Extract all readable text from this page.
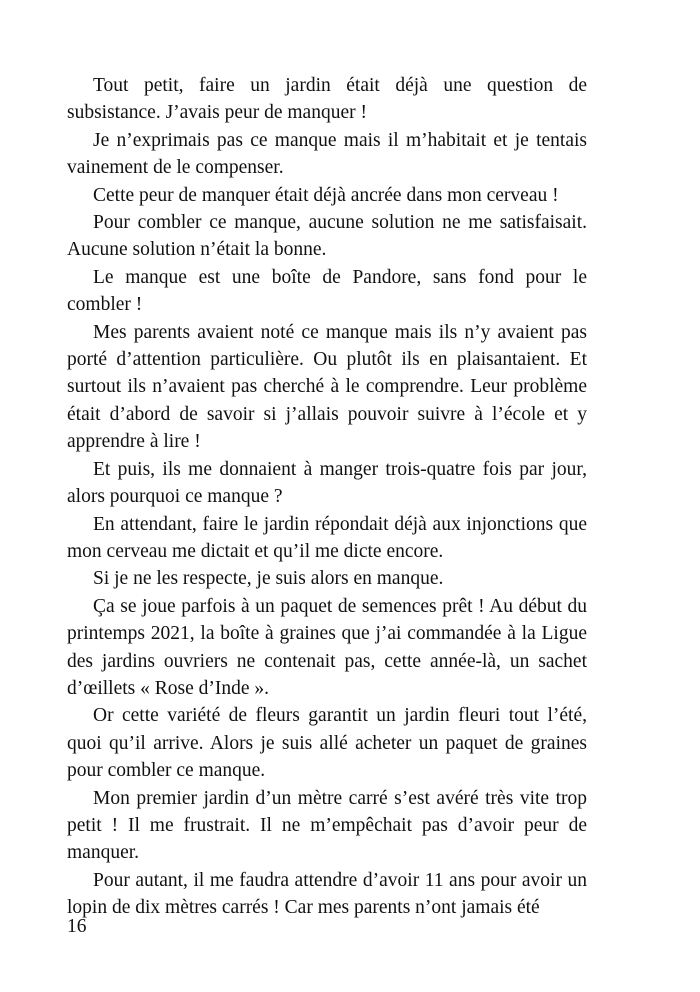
Tout petit, faire un jardin était déjà une question de subsistance. J’avais peur de manquer !

Je n’exprimais pas ce manque mais il m’habitait et je tentais vainement de le compenser.

Cette peur de manquer était déjà ancrée dans mon cerveau !

Pour combler ce manque, aucune solution ne me satisfaisait. Aucune solution n’était la bonne.

Le manque est une boîte de Pandore, sans fond pour le combler !

Mes parents avaient noté ce manque mais ils n’y avaient pas porté d’attention particulière. Ou plutôt ils en plaisantaient. Et surtout ils n’avaient pas cherché à le comprendre. Leur problème était d’abord de savoir si j’allais pouvoir suivre à l’école et y apprendre à lire !

Et puis, ils me donnaient à manger trois-quatre fois par jour, alors pourquoi ce manque ?

En attendant, faire le jardin répondait déjà aux injonctions que mon cerveau me dictait et qu’il me dicte encore.

Si je ne les respecte, je suis alors en manque.

Ça se joue parfois à un paquet de semences prêt ! Au début du printemps 2021, la boîte à graines que j’ai commandée à la Ligue des jardins ouvriers ne contenait pas, cette année-là, un sachet d’œillets « Rose d’Inde ».

Or cette variété de fleurs garantit un jardin fleuri tout l’été, quoi qu’il arrive. Alors je suis allé acheter un paquet de graines pour combler ce manque.

Mon premier jardin d’un mètre carré s’est avéré très vite trop petit ! Il me frustrait. Il ne m’empêchait pas d’avoir peur de manquer.

Pour autant, il me faudra attendre d’avoir 11 ans pour avoir un lopin de dix mètres carrés ! Car mes parents n’ont jamais été

16
